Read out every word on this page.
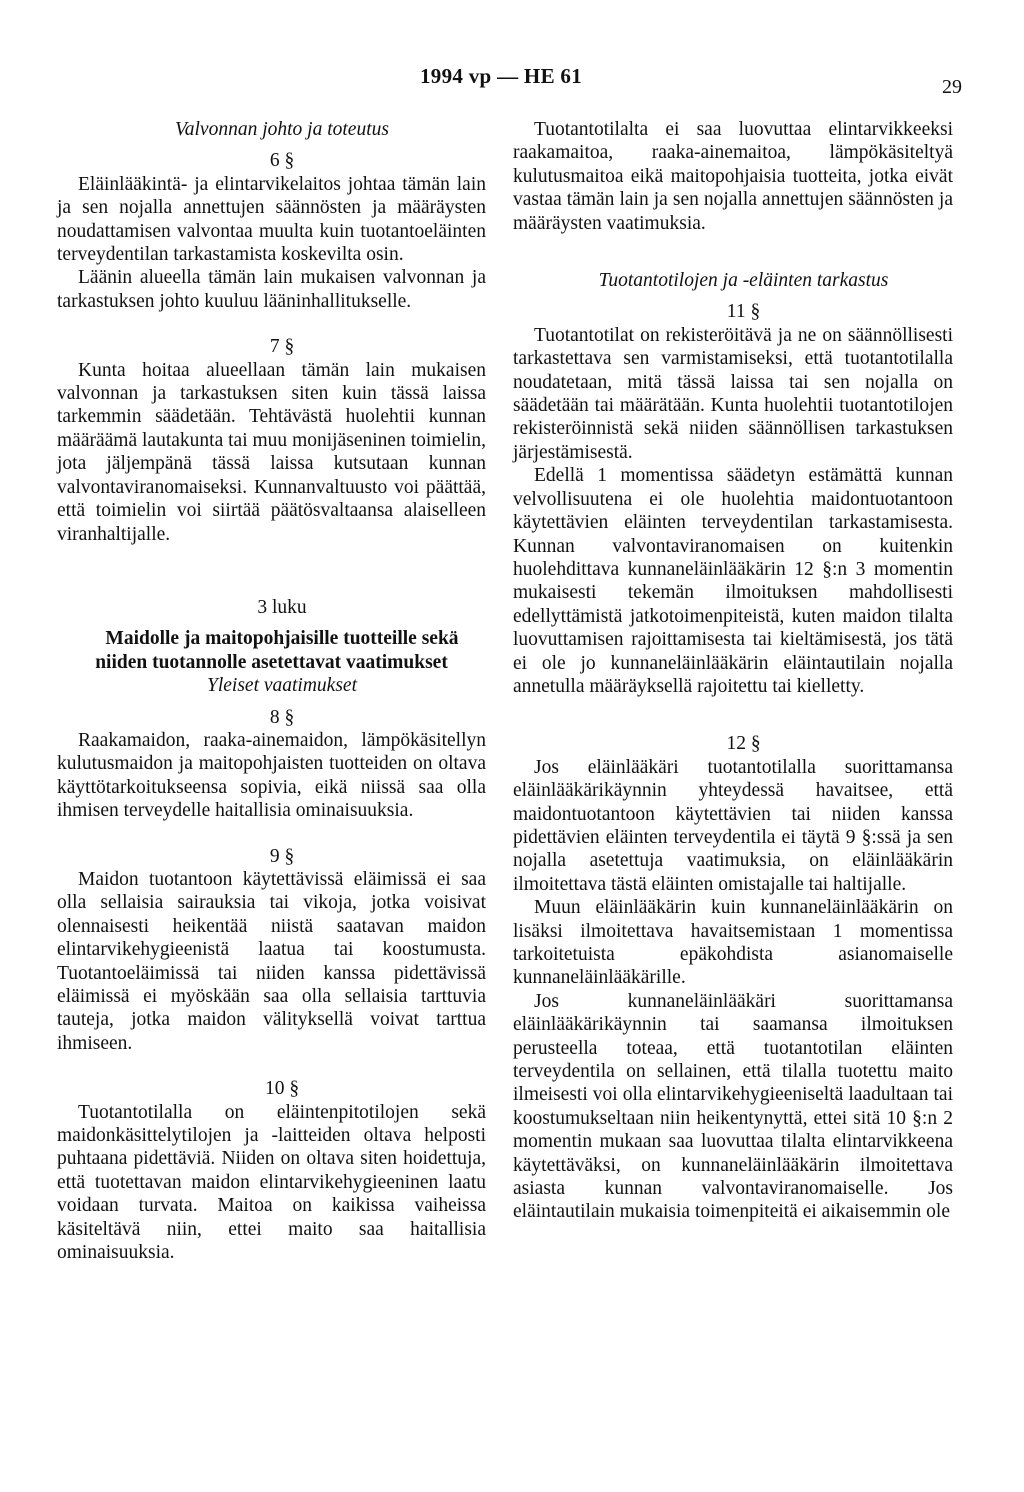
1994 vp — HE 61	29

Valvonnan johto ja toteutus

6 §

Eläinlääkintä- ja elintarvikelaitos johtaa tämän lain ja sen nojalla annettujen säännösten ja määräysten noudattamisen valvontaa muulta kuin tuotantoeläinten terveydentilan tarkastamista koskevilta osin.

Läänin alueella tämän lain mukaisen valvonnan ja tarkastuksen johto kuuluu lääninhallitukselle.

7 §

Kunta hoitaa alueellaan tämän lain mukaisen valvonnan ja tarkastuksen siten kuin tässä laissa tarkemmin säädetään. Tehtävästä huolehtii kunnan määräämä lautakunta tai muu monijäseninen toimielin, jota jäljempänä tässä laissa kutsutaan kunnan valvontaviranomaiseksi. Kunnanvaltuusto voi päättää, että toimielin voi siirtää päätösvaltaansa alaiselleen viranhaltijalle.

3 luku

Maidolle ja maitopohjaisille tuotteille sekä niiden tuotannolle asetettavat vaatimukset

Yleiset vaatimukset

8 §

Raakamaidon, raaka-ainemaidon, lämpökäsitellyn kulutusmaidon ja maitopohjaisten tuotteiden on oltava käyttötarkoitukseensa sopivia, eikä niissä saa olla ihmisen terveydelle haitallisia ominaisuuksia.

9 §

Maidon tuotantoon käytettävissä eläimissä ei saa olla sellaisia sairauksia tai vikoja, jotka voisivat olennaisesti heikentää niistä saatavan maidon elintarvikehygieenistä laatua tai koostumusta. Tuotantoeläimissä tai niiden kanssa pidettävissä eläimissä ei myöskään saa olla sellaisia tarttuvia tauteja, jotka maidon välityksellä voivat tarttua ihmiseen.

10 §

Tuotantotilalla on eläintenpitotilojen sekä maidonkäsittelytilojen ja -laitteiden oltava helposti puhtaana pidettäviä. Niiden on oltava siten hoidettuja, että tuotettavan maidon elintarvikehygieeninen laatu voidaan turvata. Maitoa on kaikissa vaiheissa käsiteltävä niin, ettei maito saa haitallisia ominaisuuksia.

Tuotantotilalta ei saa luovuttaa elintarvikkeeksi raakamaitoa, raaka-ainemaitoa, lämpökäsiteltyä kulutusmaitoa eikä maitopohjaisia tuotteita, jotka eivät vastaa tämän lain ja sen nojalla annettujen säännösten ja määräysten vaatimuksia.

Tuotantotilojen ja -eläinten tarkastus

11 §

Tuotantotilat on rekisteröitävä ja ne on säännöllisesti tarkastettava sen varmistamiseksi, että tuotantotilalla noudatetaan, mitä tässä laissa tai sen nojalla on säädetään tai määrätään. Kunta huolehtii tuotantotilojen rekisteröinnistä sekä niiden säännöllisen tarkastuksen järjestämisestä.

Edellä 1 momentissa säädetyn estämättä kunnan velvollisuutena ei ole huolehtia maidontuotantoon käytettävien eläinten terveydentilan tarkastamisesta. Kunnan valvontaviranomaisen on kuitenkin huolehdittava kunnaneläinlääkärin 12 §:n 3 momentin mukaisesti tekemän ilmoituksen mahdollisesti edellyttämistä jatkotoimenpiteistä, kuten maidon tilalta luovuttamisen rajoittamisesta tai kieltämisestä, jos tätä ei ole jo kunnaneläinlääkärin eläintautilain nojalla annetulla määräyksellä rajoitettu tai kielletty.

12 §

Jos eläinlääkäri tuotantotilalla suorittamansa eläinlääkärikäynnin yhteydessä havaitsee, että maidontuotantoon käytettävien tai niiden kanssa pidettävien eläinten terveydentila ei täytä 9 §:ssä ja sen nojalla asetettuja vaatimuksia, on eläinlääkärin ilmoitettava tästä eläinten omistajalle tai haltijalle.

Muun eläinlääkärin kuin kunnaneläinlääkärin on lisäksi ilmoitettava havaitsemistaan 1 momentissa tarkoitetuista epäkohdista asianomaiselle kunnaneläinlääkärille.

Jos kunnaneläinlääkäri suorittamansa eläinlääkärikäynnin tai saamansa ilmoituksen perusteella toteaa, että tuotantotilan eläinten terveydentila on sellainen, että tilalla tuotettu maito ilmeisesti voi olla elintarvikehygieeniseltä laadultaan tai koostumukseltaan niin heikentynyttä, ettei sitä 10 §:n 2 momentin mukaan saa luovuttaa tilalta elintarvikkeena käytettäväksi, on kunnaneläinlääkärin ilmoitettava asiasta kunnan valvontaviranomaiselle. Jos eläintautilain mukaisia toimenpiteitä ei aikaisemmin ole
